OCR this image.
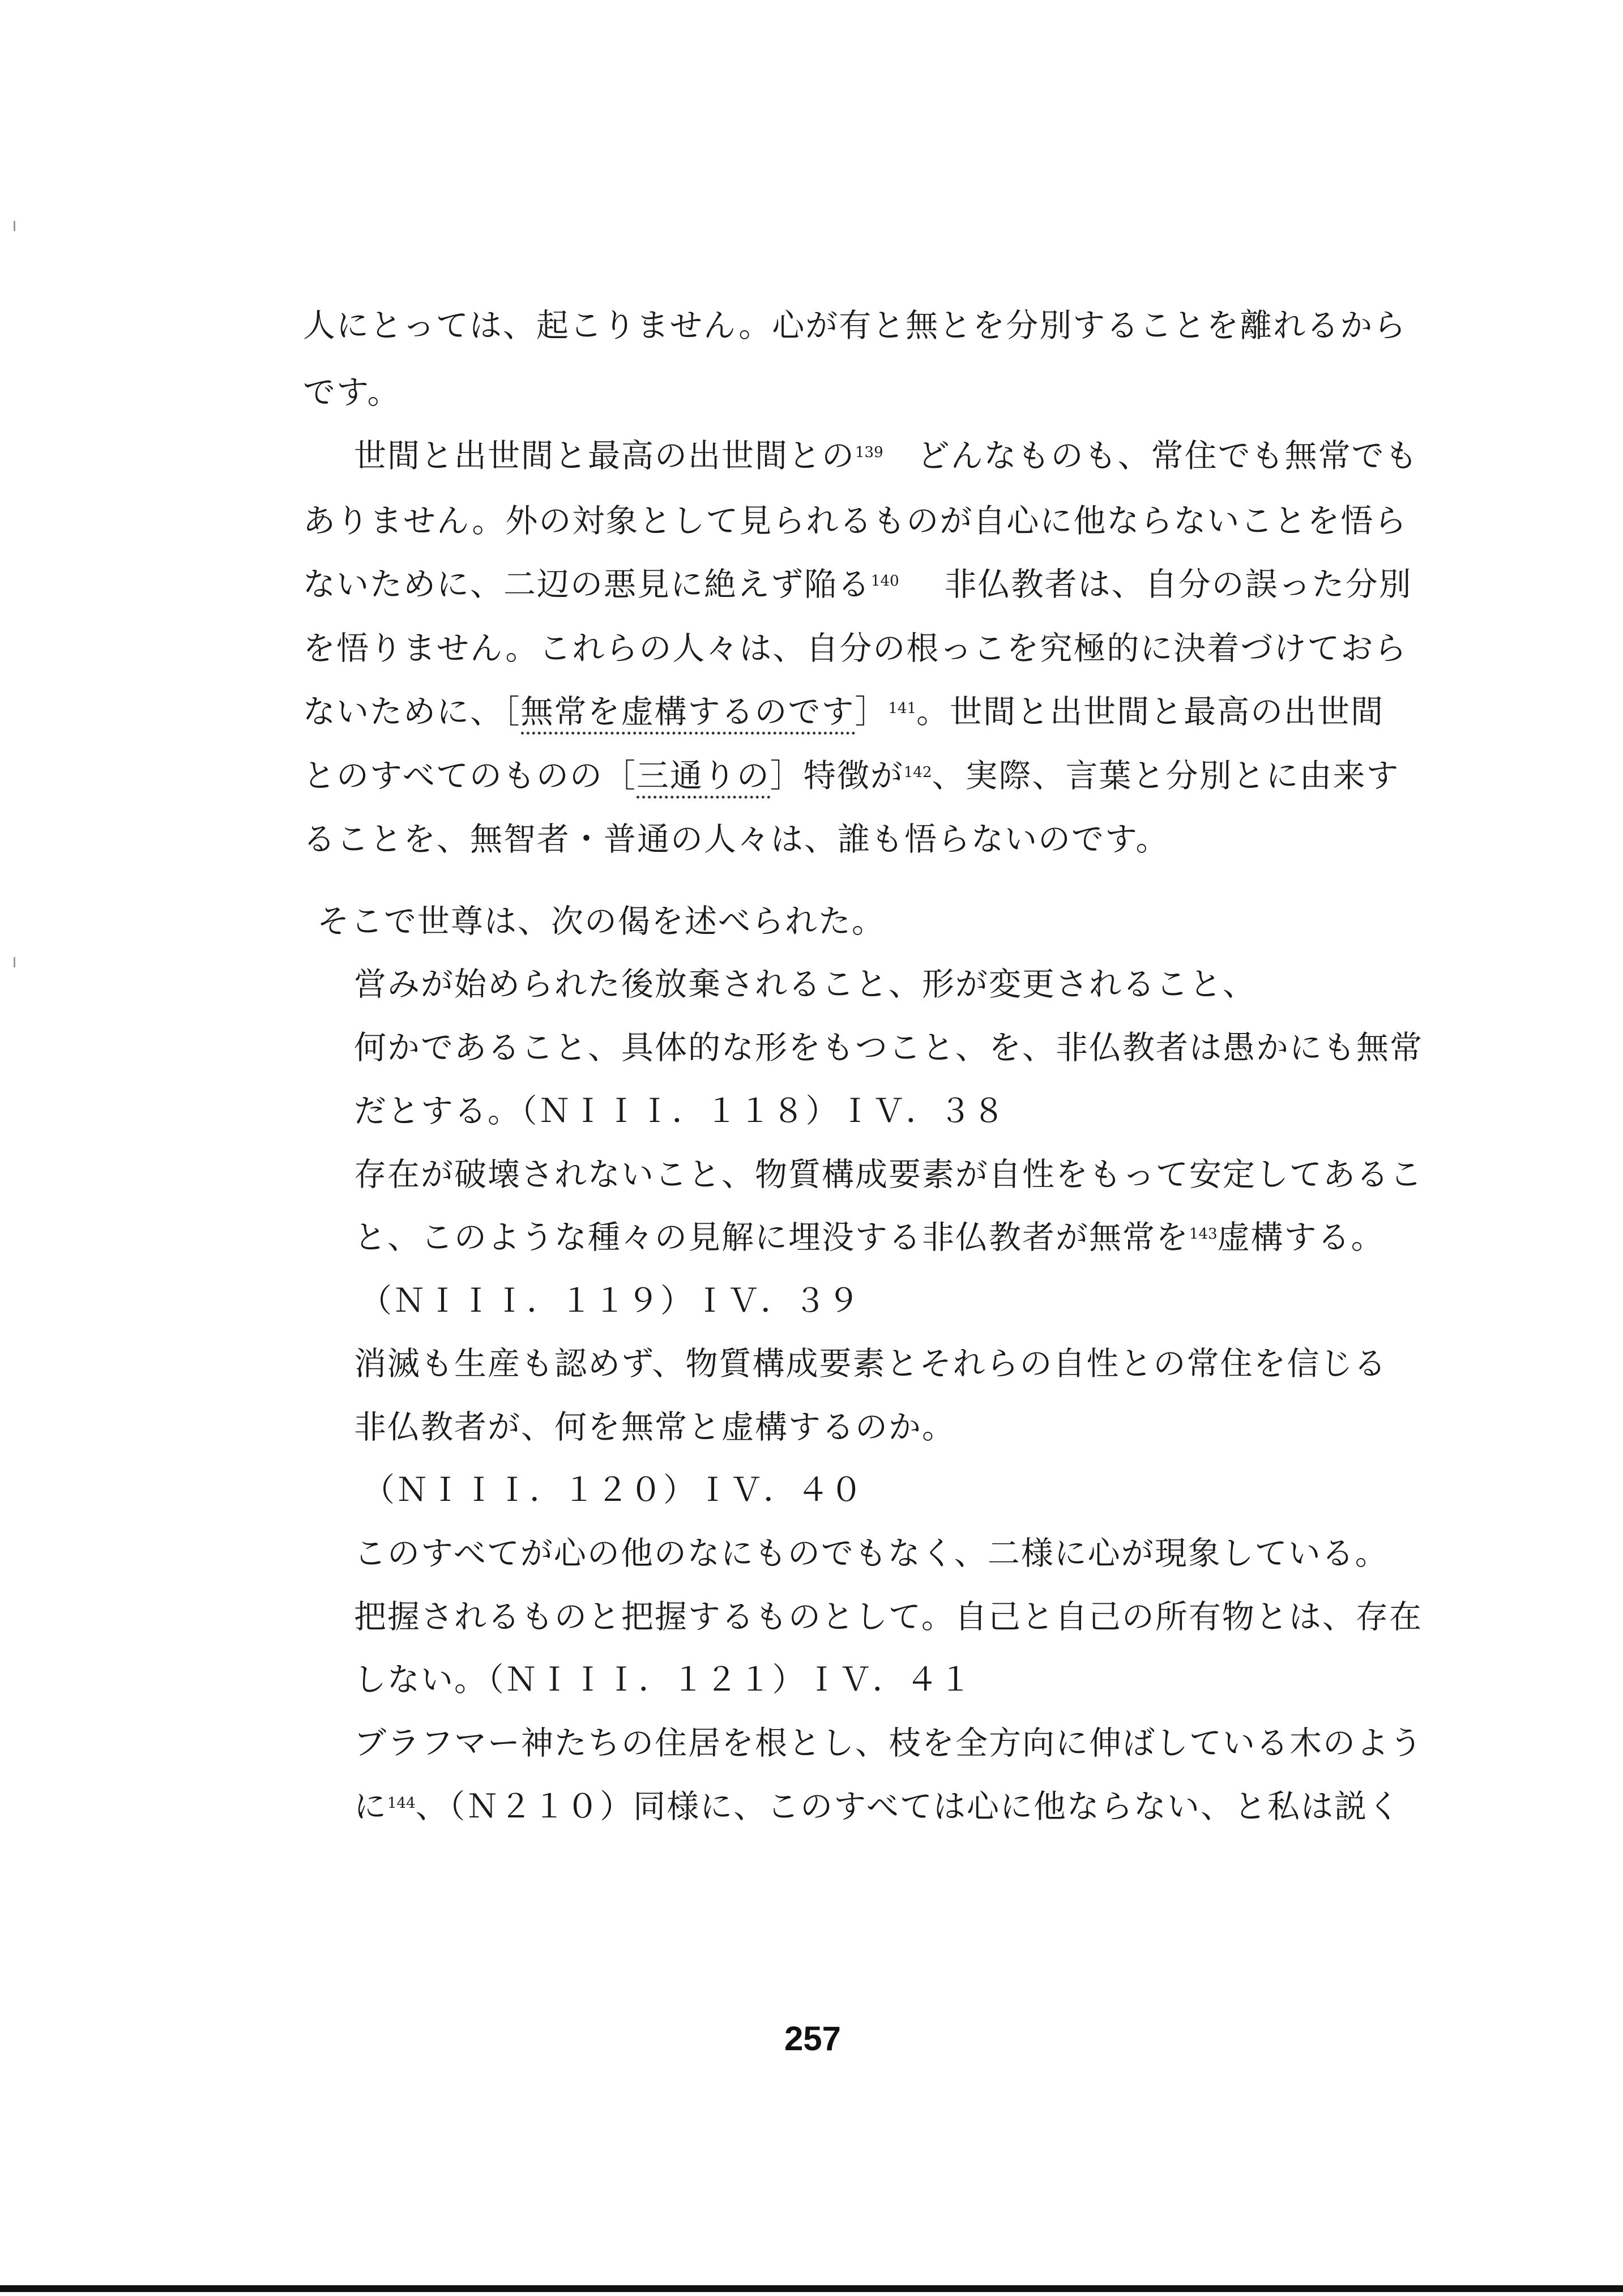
人にとっては、起こりません。心が有と無とを分別することを離れるから
です。
世間と出世間と最高の出世間との$^{139}$ どんなものも、常住でも無常でも
ありません。外の対象として見られるものが自心に他ならないことを悟ら
ないために、二辺の悪見に絶えず陥る$^{140}$ 非仏教者は、自分の誤った分別
を悟りません。これらの人々は、自分の根っこを究極的に決着づけておら
ないために、［無常を虚構するのです］$^{141}$。世間と出世間と最高の出世間
とのすべてのものの［三通りの］特徴が$^{142}$、実際、言葉と分別とに由来す
ることを、無智者・普通の人々は、誰も悟らないのです。
そこで世尊は、次の偈を述べられた。
営みが始められた後放棄されること、形が変更されること、
何かであること、具体的な形をもつこと、を、非仏教者は愚かにも無常
だとする。（ＮＩＩＩ．１１８）ＩＶ．３８
存在が破壊されないこと、物質構成要素が自性をもって安定してあるこ
と、このような種々の見解に埋没する非仏教者が無常を$^{143}$虚構する。
（ＮＩＩＩ．１１９）ＩＶ．３９
消滅も生産も認めず、物質構成要素とそれらの自性との常住を信じる
非仏教者が、何を無常と虚構するのか。
（ＮＩＩＩ．１２０）ＩＶ．４０
このすべてが心の他のなにものでもなく、二様に心が現象している。
把握されるものと把握するものとして。自己と自己の所有物とは、存在
しない。（ＮＩＩＩ．１２１）ＩＶ．４１
ブラフマー神たちの住居を根とし、枝を全方向に伸ばしている木のよう
に$^{144}$、（Ｎ２１０）同様に、このすべては心に他ならない、と私は説く
257
